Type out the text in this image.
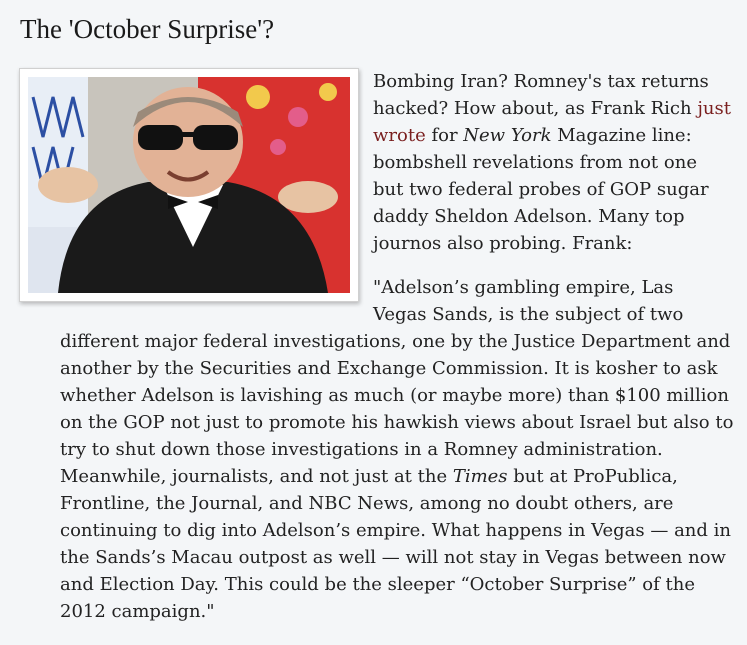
The 'October Surprise'?

Bombing Iran? Romney's tax returns hacked? How about, as Frank Rich just wrote for New York Magazine line: bombshell revelations from not one but two federal probes of GOP sugar daddy Sheldon Adelson. Many top journos also probing. Frank:

"Adelson’s gambling empire, Las
Vegas Sands, is the subject of two
different major federal investigations, one by the Justice Department and another by the Securities and Exchange Commission. It is kosher to ask whether Adelson is lavishing as much (or maybe more) than $100 million on the GOP not just to promote his hawkish views about Israel but also to try to shut down those investigations in a Romney administration. Meanwhile, journalists, and not just at the Times but at ProPublica, Frontline, the Journal, and NBC News, among no doubt others, are continuing to dig into Adelson’s empire. What happens in Vegas — and in the Sands’s Macau outpost as well — will not stay in Vegas between now and Election Day. This could be the sleeper “October Surprise” of the 2012 campaign."
